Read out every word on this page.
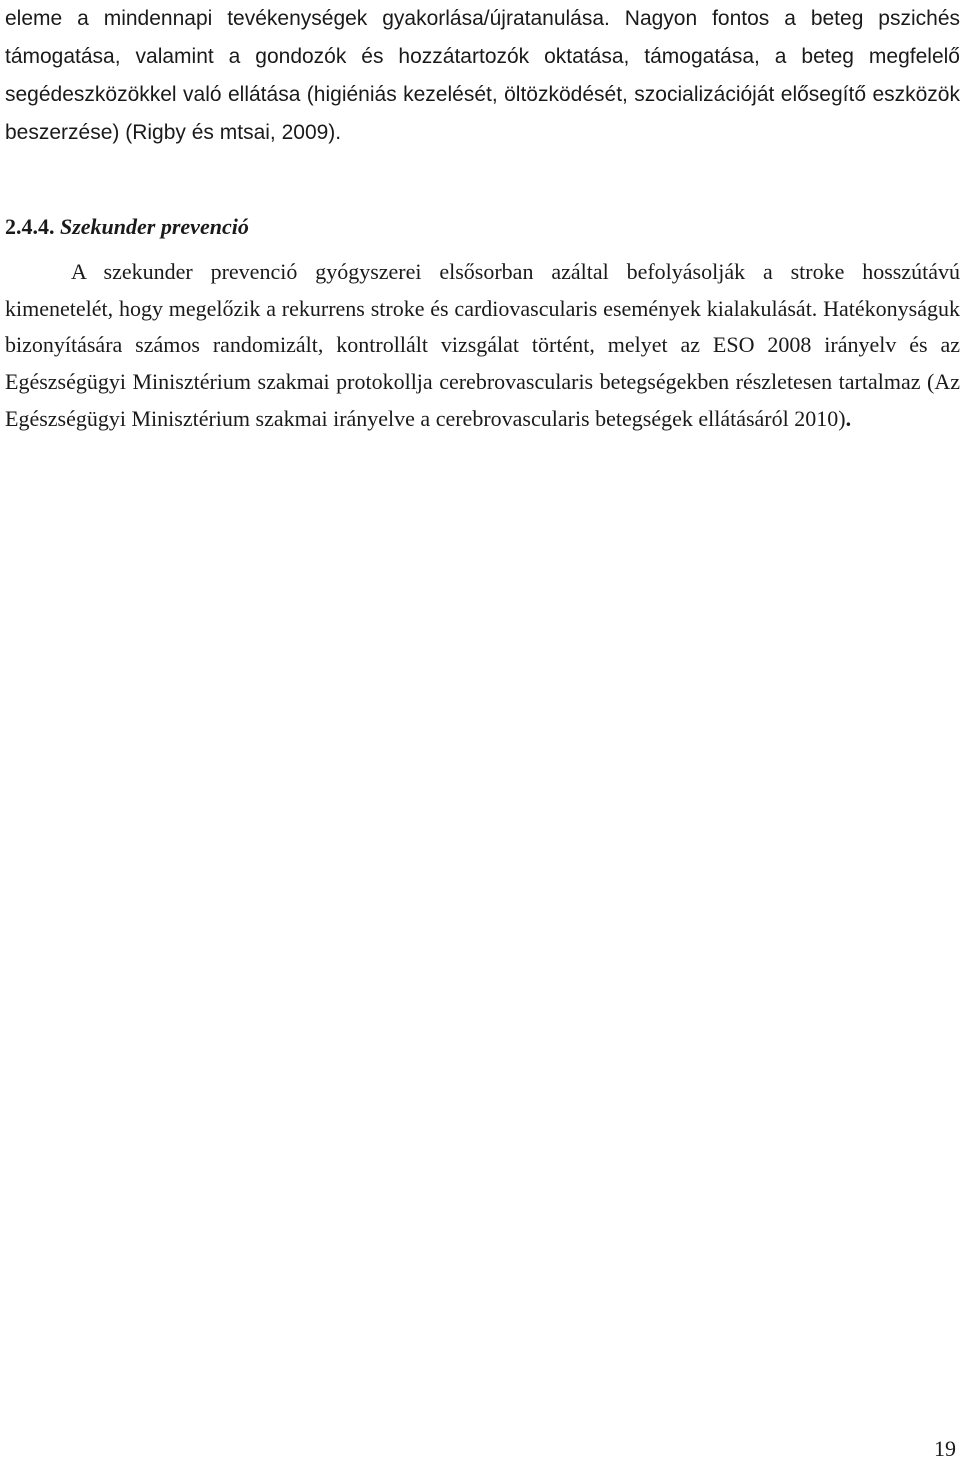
eleme a mindennapi tevékenységek gyakorlása/újratanulása. Nagyon fontos a beteg pszichés támogatása, valamint a gondozók és hozzátartozók oktatása, támogatása, a beteg megfelelő segédeszközökkel való ellátása (higiéniás kezelését, öltözködését, szocializációját elősegítő eszközök beszerzése) (Rigby és mtsai, 2009).

2.4.4. Szekunder prevenció

A szekunder prevenció gyógyszerei elsősorban azáltal befolyásolják a stroke hosszútávú kimenetelét, hogy megelőzik a rekurrens stroke és cardiovascularis események kialakulását. Hatékonyságuk bizonyítására számos randomizált, kontrollált vizsgálat történt, melyet az ESO 2008 irányelv és az Egészségügyi Minisztérium szakmai protokollja cerebrovascularis betegségekben részletesen tartalmaz (Az Egészségügyi Minisztérium szakmai irányelve a cerebrovascularis betegségek ellátásáról 2010).

19
